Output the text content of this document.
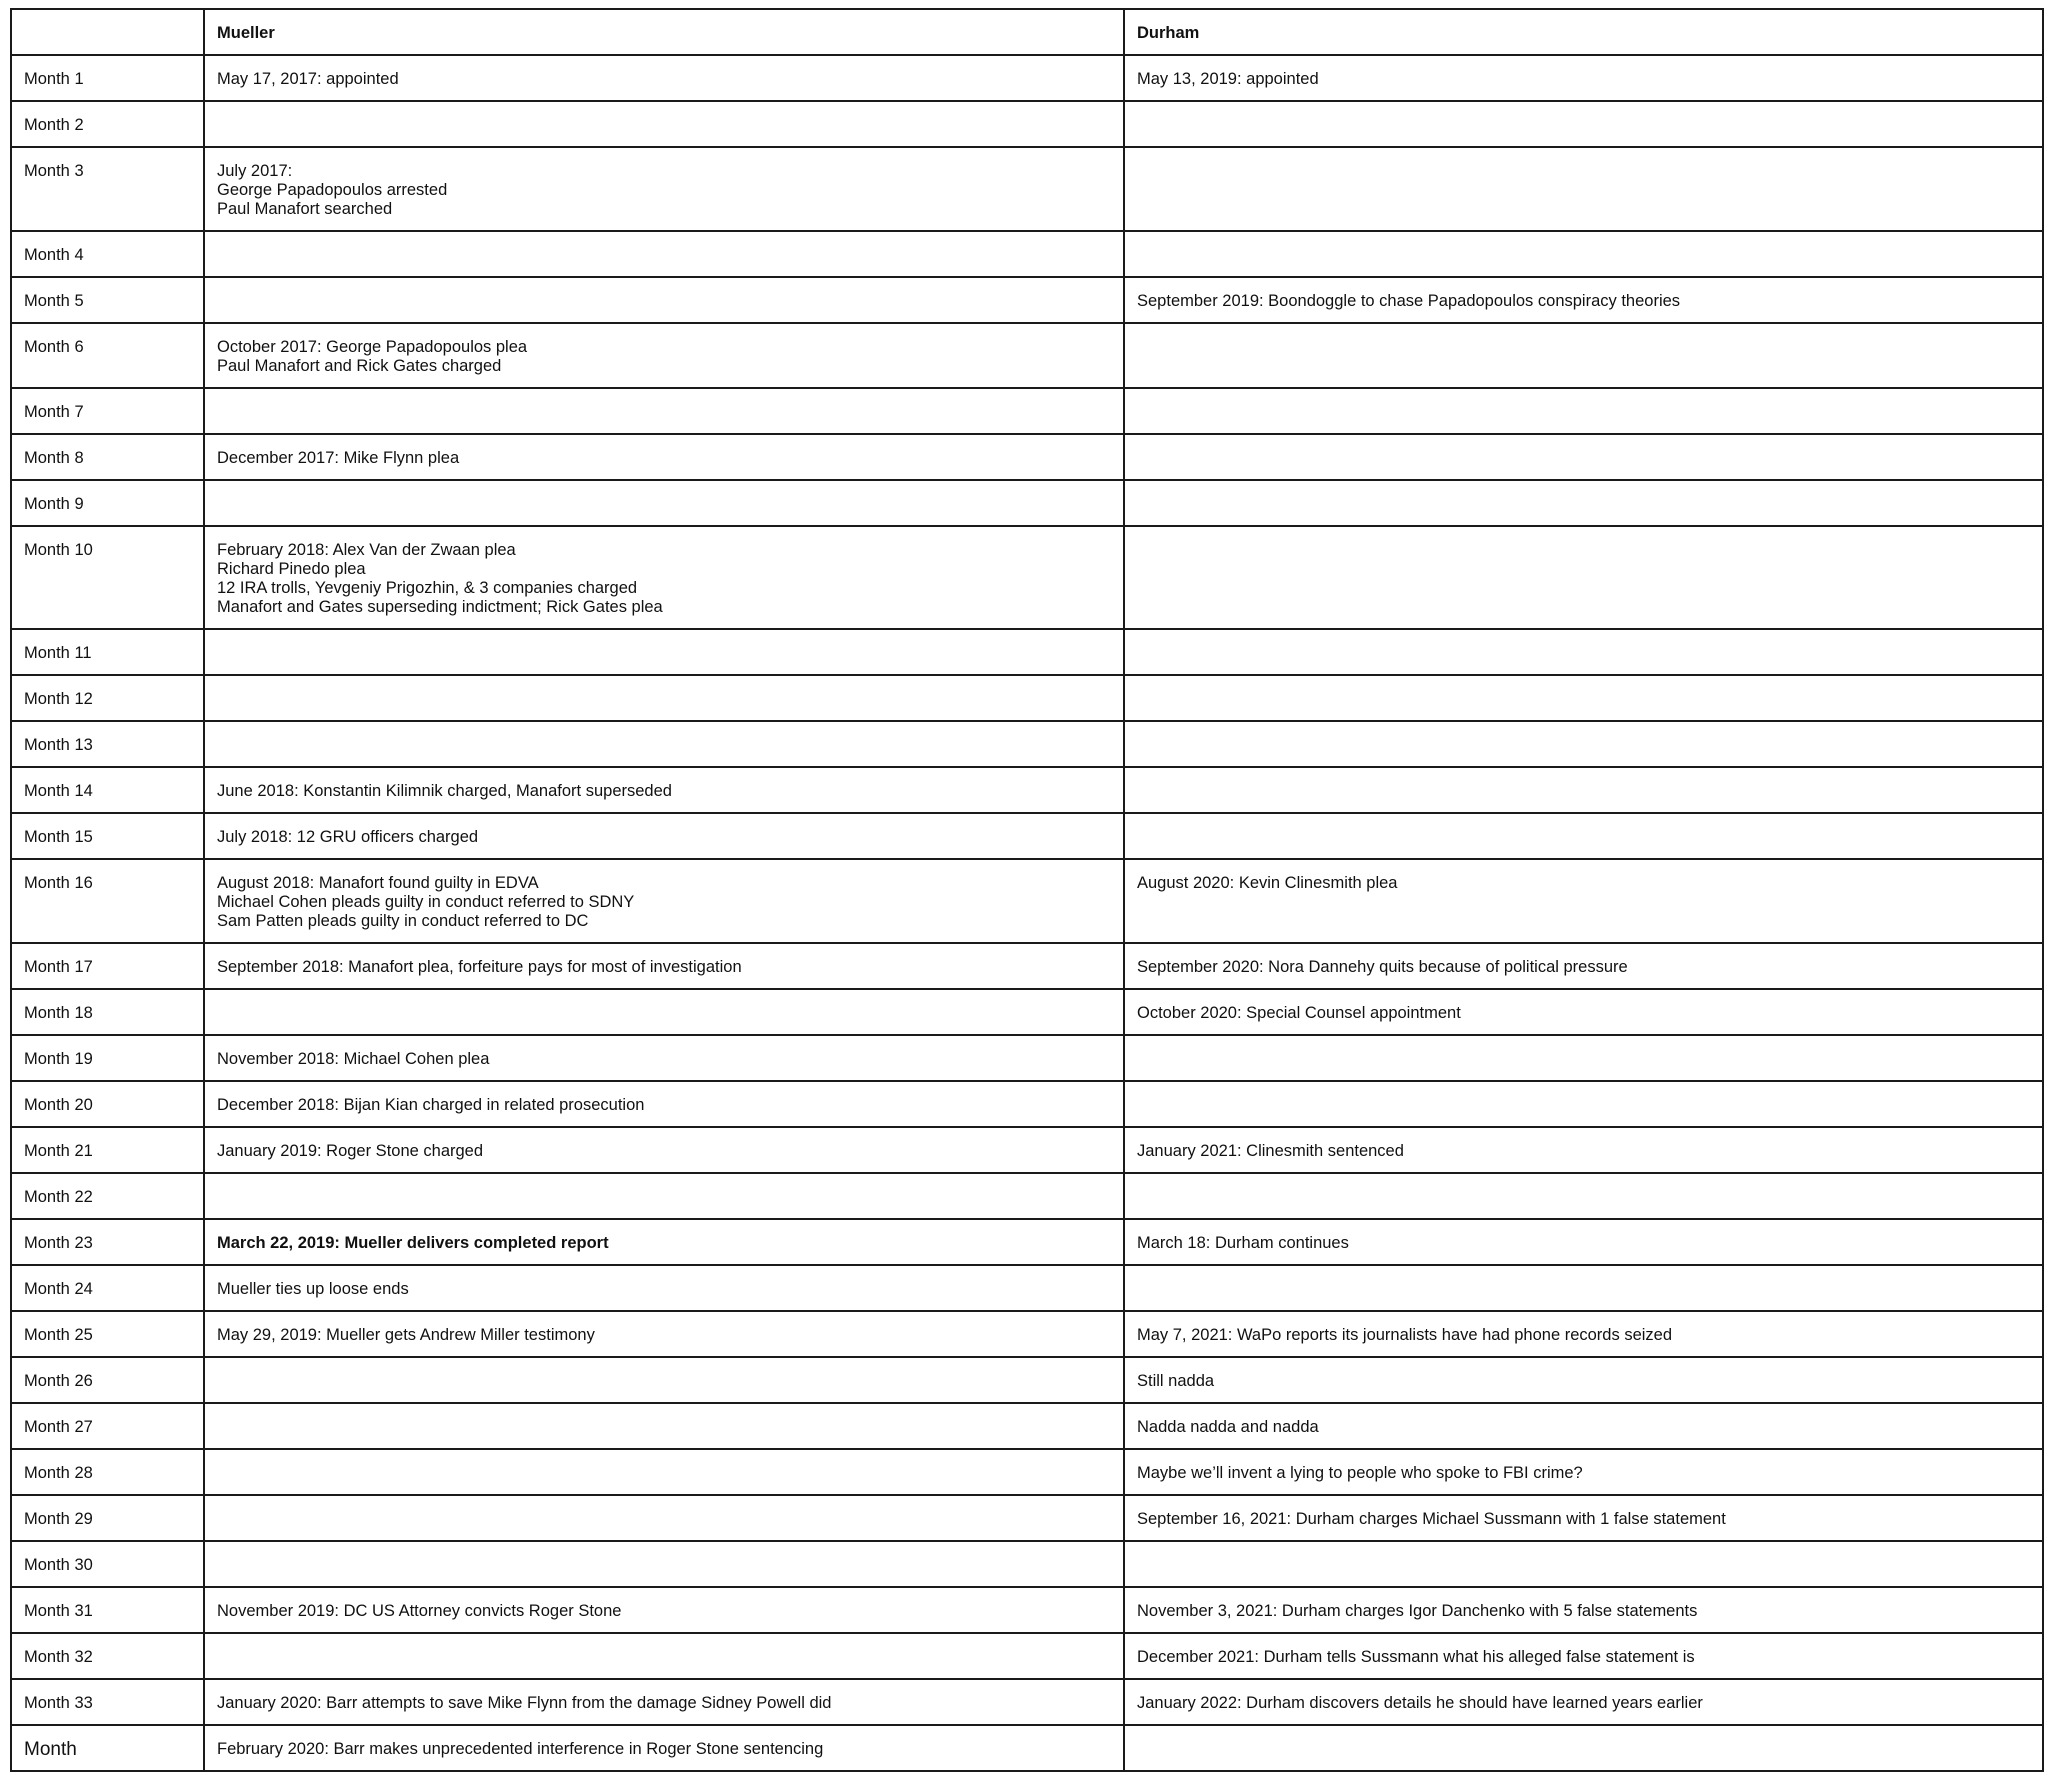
	Mueller	Durham
Month 1	May 17, 2017: appointed	May 13, 2019: appointed
Month 2		
Month 3	July 2017:
George Papadopoulos arrested
Paul Manafort searched	
Month 4		
Month 5		September 2019: Boondoggle to chase Papadopoulos conspiracy theories
Month 6	October 2017: George Papadopoulos plea
Paul Manafort and Rick Gates charged	
Month 7		
Month 8	December 2017: Mike Flynn plea	
Month 9		
Month 10	February 2018: Alex Van der Zwaan plea
Richard Pinedo plea
12 IRA trolls, Yevgeniy Prigozhin, & 3 companies charged
Manafort and Gates superseding indictment; Rick Gates plea	
Month 11		
Month 12		
Month 13		
Month 14	June 2018: Konstantin Kilimnik charged, Manafort superseded	
Month 15	July 2018: 12 GRU officers charged	
Month 16	August 2018: Manafort found guilty in EDVA
Michael Cohen pleads guilty in conduct referred to SDNY
Sam Patten pleads guilty in conduct referred to DC	August 2020: Kevin Clinesmith plea
Month 17	September 2018: Manafort plea, forfeiture pays for most of investigation	September 2020: Nora Dannehy quits because of political pressure
Month 18		October 2020: Special Counsel appointment
Month 19	November 2018: Michael Cohen plea	
Month 20	December 2018: Bijan Kian charged in related prosecution	
Month 21	January 2019: Roger Stone charged	January 2021: Clinesmith sentenced
Month 22		
Month 23	March 22, 2019: Mueller delivers completed report	March 18: Durham continues
Month 24	Mueller ties up loose ends	
Month 25	May 29, 2019: Mueller gets Andrew Miller testimony	May 7, 2021: WaPo reports its journalists have had phone records seized
Month 26		Still nadda
Month 27		Nadda nadda and nadda
Month 28		Maybe we’ll invent a lying to people who spoke to FBI crime?
Month 29		September 16, 2021: Durham charges Michael Sussmann with 1 false statement
Month 30		
Month 31	November 2019: DC US Attorney convicts Roger Stone	November 3, 2021: Durham charges Igor Danchenko with 5 false statements
Month 32		December 2021: Durham tells Sussmann what his alleged false statement is
Month 33	January 2020: Barr attempts to save Mike Flynn from the damage Sidney Powell did	January 2022: Durham discovers details he should have learned years earlier
Month	February 2020: Barr makes unprecedented interference in Roger Stone sentencing	
